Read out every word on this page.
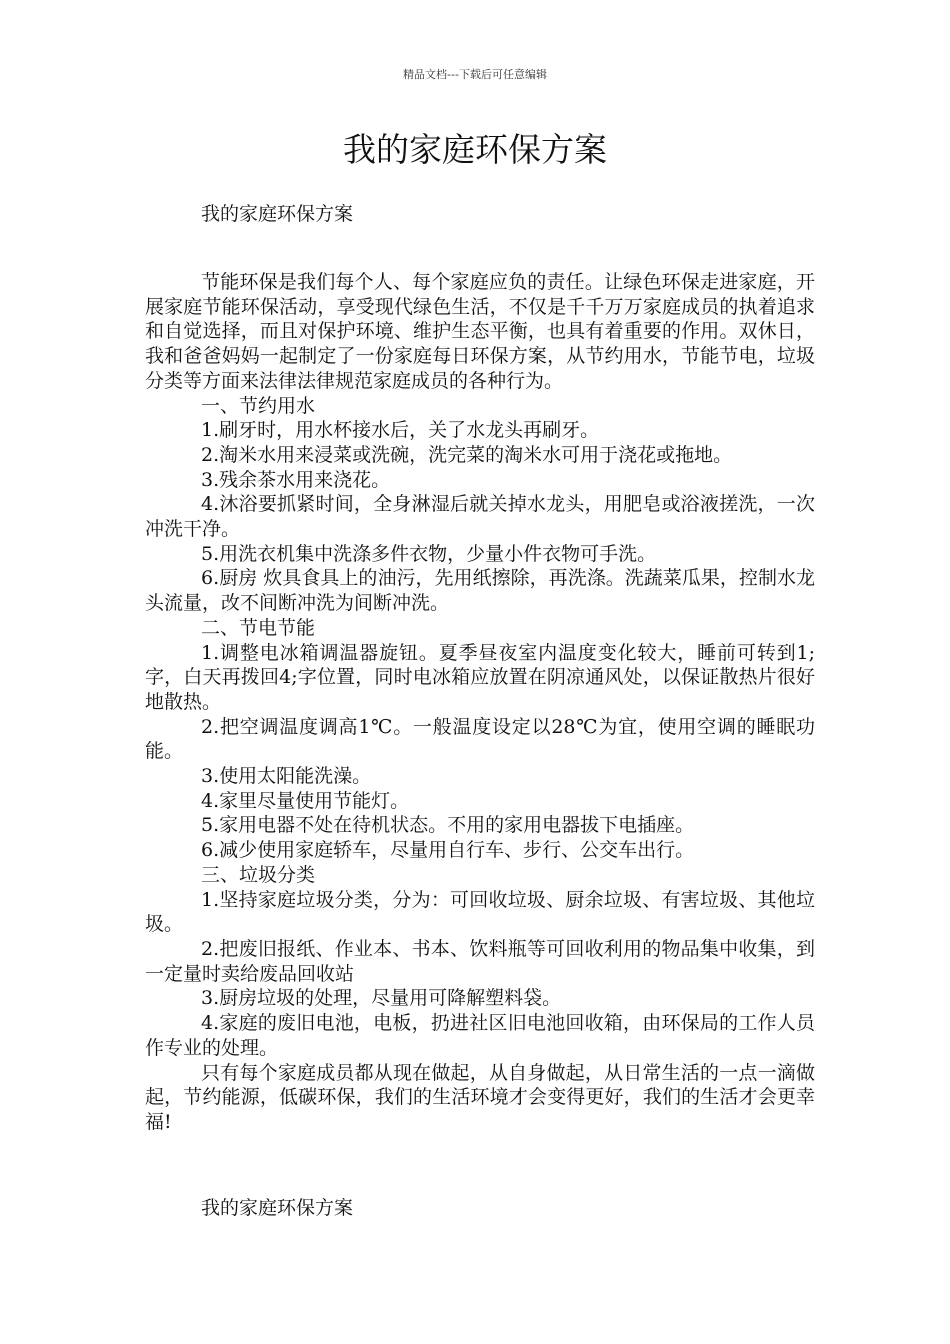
精品文档---下载后可任意编辑
我的家庭环保方案
我的家庭环保方案

节能环保是我们每个人、每个家庭应负的责任。让绿色环保走进家庭，开展家庭节能环保活动，享受现代绿色生活，不仅是千千万万家庭成员的执着追求和自觉选择，而且对保护环境、维护生态平衡，也具有着重要的作用。双休日，我和爸爸妈妈一起制定了一份家庭每日环保方案，从节约用水，节能节电，垃圾分类等方面来法律法律规范家庭成员的各种行为。

一、节约用水

1.刷牙时，用水杯接水后，关了水龙头再刷牙。

2.淘米水用来浸菜或洗碗，洗完菜的淘米水可用于浇花或拖地。

3.残余茶水用来浇花。

4.沐浴要抓紧时间，全身淋湿后就关掉水龙头，用肥皂或浴液搓洗，一次冲洗干净。

5.用洗衣机集中洗涤多件衣物，少量小件衣物可手洗。

6.厨房 炊具食具上的油污，先用纸擦除，再洗涤。洗蔬菜瓜果，控制水龙头流量，改不间断冲洗为间断冲洗。

二、节电节能

1.调整电冰箱调温器旋钮。夏季昼夜室内温度变化较大，睡前可转到1;字，白天再拨回4;字位置，同时电冰箱应放置在阴凉通风处，以保证散热片很好地散热。

2.把空调温度调高1℃。一般温度设定以28℃为宜，使用空调的睡眠功能。

3.使用太阳能洗澡。

4.家里尽量使用节能灯。

5.家用电器不处在待机状态。不用的家用电器拔下电插座。

6.减少使用家庭轿车，尽量用自行车、步行、公交车出行。

三、垃圾分类

1.坚持家庭垃圾分类，分为：可回收垃圾、厨余垃圾、有害垃圾、其他垃圾。

2.把废旧报纸、作业本、书本、饮料瓶等可回收利用的物品集中收集，到一定量时卖给废品回收站

3.厨房垃圾的处理，尽量用可降解塑料袋。

4.家庭的废旧电池，电板，扔进社区旧电池回收箱，由环保局的工作人员作专业的处理。

只有每个家庭成员都从现在做起，从自身做起，从日常生活的一点一滴做起，节约能源，低碳环保，我们的生活环境才会变得更好，我们的生活才会更幸福!

我的家庭环保方案
